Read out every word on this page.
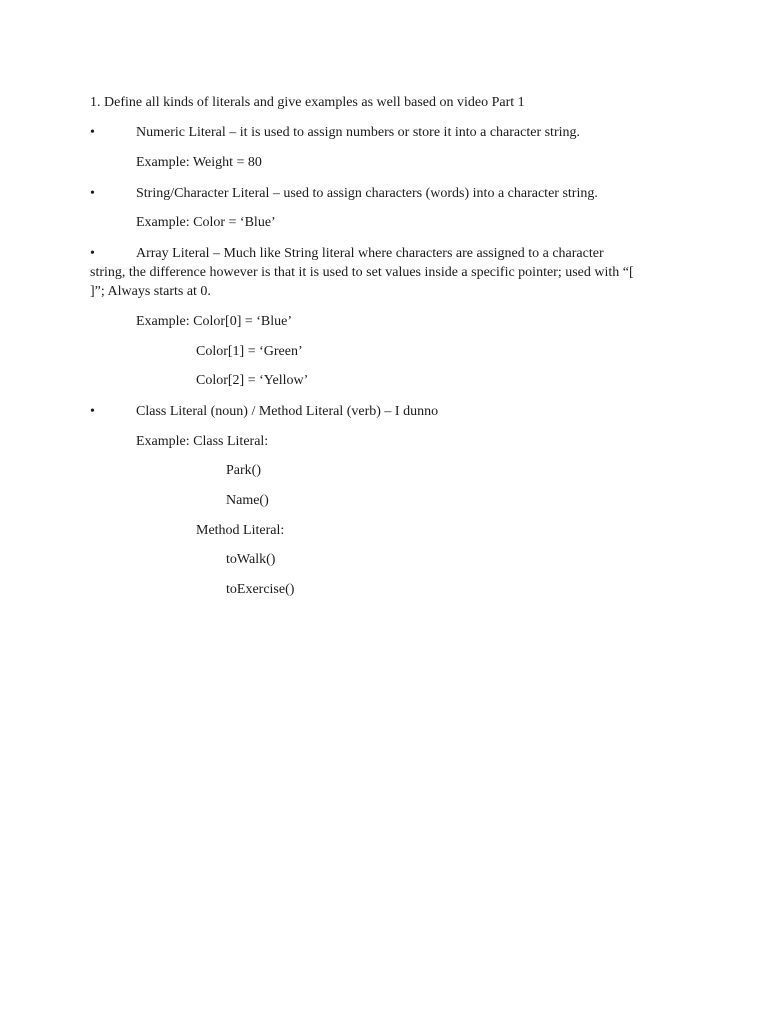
1. Define all kinds of literals and give examples as well based on video Part 1
•	Numeric Literal – it is used to assign numbers or store it into a character string.
Example: Weight = 80
•	String/Character Literal – used to assign characters (words) into a character string.
Example: Color = ‘Blue’
•	Array Literal – Much like String literal where characters are assigned to a character
string, the difference however is that it is used to set values inside a specific pointer; used with “[
]”; Always starts at 0.
Example: Color[0] = ‘Blue’
Color[1] = ‘Green’
Color[2] = ‘Yellow’
•	Class Literal (noun) / Method Literal (verb) – I dunno
Example: Class Literal:
Park()
Name()
Method Literal:
toWalk()
toExercise()
